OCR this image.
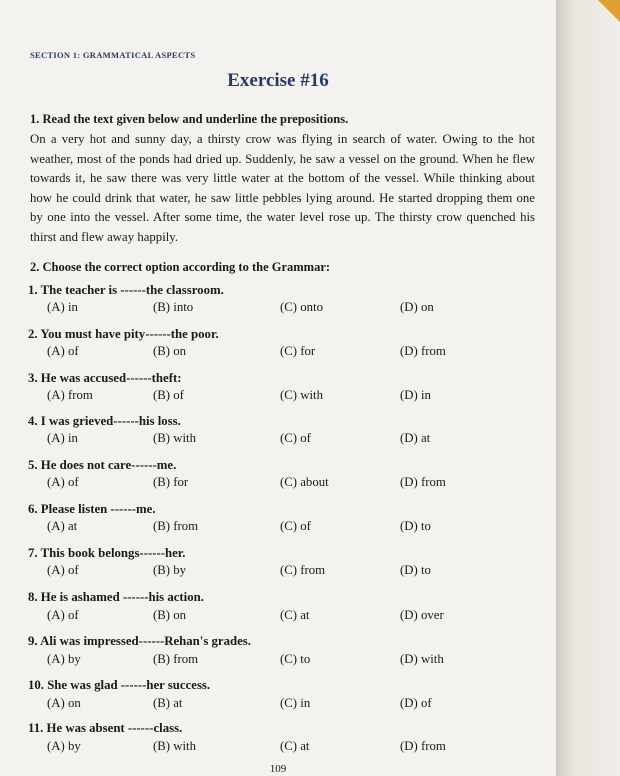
SECTION 1: GRAMMATICAL ASPECTS
Exercise #16
1. Read the text given below and underline the prepositions.
On a very hot and sunny day, a thirsty crow was flying in search of water. Owing to the hot weather, most of the ponds had dried up. Suddenly, he saw a vessel on the ground. When he flew towards it, he saw there was very little water at the bottom of the vessel. While thinking about how he could drink that water, he saw little pebbles lying around. He started dropping them one by one into the vessel. After some time, the water level rose up. The thirsty crow quenched his thirst and flew away happily.
2. Choose the correct option according to the Grammar:
1. The teacher is ------the classroom.
(A) in	(B) into	(C) onto	(D) on
2. You must have pity------the poor.
(A) of	(B) on	(C) for	(D) from
3. He was accused------theft:
(A) from	(B) of	(C) with	(D) in
4. I was grieved------his loss.
(A) in	(B) with	(C) of	(D) at
5. He does not care------me.
(A) of	(B) for	(C) about	(D) from
6. Please listen ------me.
(A) at	(B) from	(C) of	(D) to
7. This book belongs------her.
(A) of	(B) by	(C) from	(D) to
8. He is ashamed ------his action.
(A) of	(B) on	(C) at	(D) over
9. Ali was impressed------Rehan's grades.
(A) by	(B) from	(C) to	(D) with
10. She was glad ------her success.
(A) on	(B) at	(C) in	(D) of
11. He was absent ------class.
(A) by	(B) with	(C) at	(D) from
109
